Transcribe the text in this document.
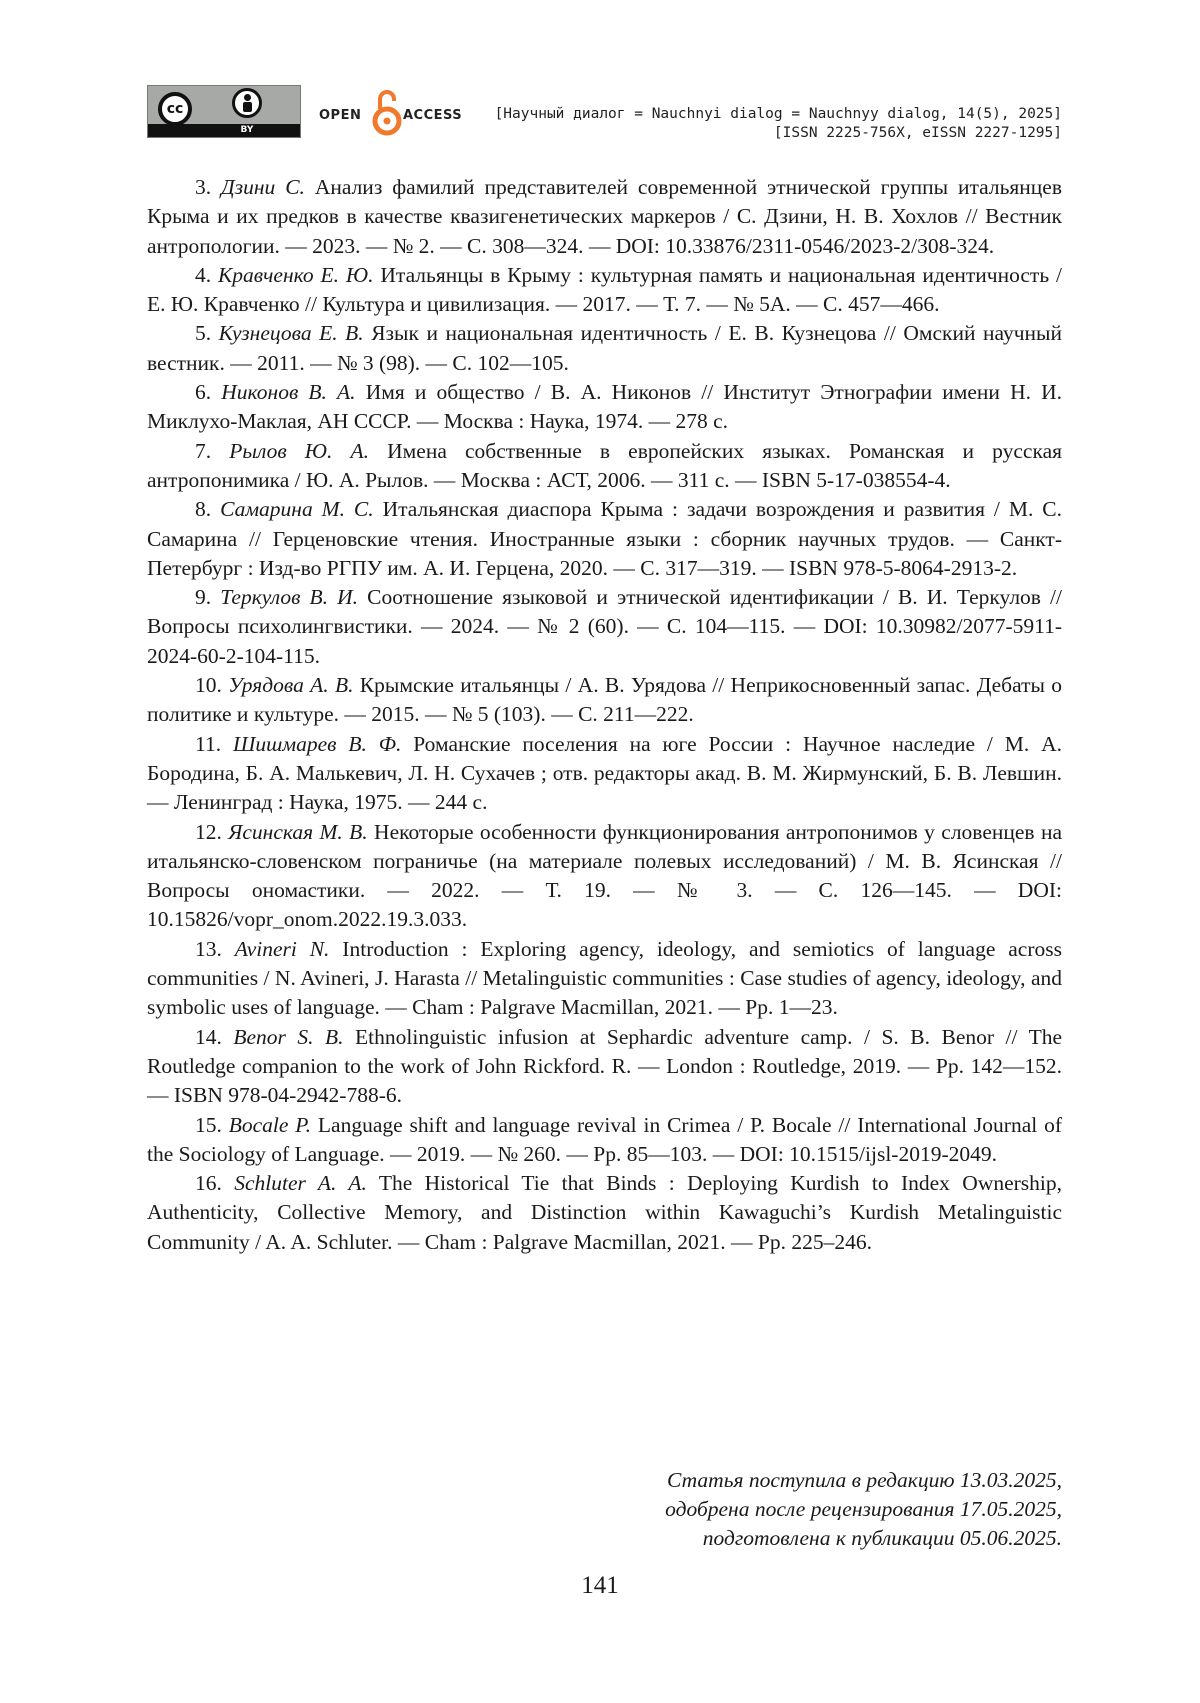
cc
BY
OPEN	ACCESS [Научный диалог = Nauchnyi dialog = Nauchnyy dialog, 14(5), 2025]
[ISSN 2225-756X, eISSN 2227-1295]

3. Дзини С. Анализ фамилий представителей современной этнической группы итальянцев Крыма и их предков в качестве квазигенетических маркеров / С. Дзини, Н. В. Хохлов // Вестник антропологии. — 2023. — № 2. — С. 308—324. — DOI: 10.33876/2311-0546/2023-2/308-324.

4. Кравченко Е. Ю. Итальянцы в Крыму : культурная память и национальная идентичность / Е. Ю. Кравченко // Культура и цивилизация. — 2017. — Т. 7. — № 5А. — С. 457—466.

5. Кузнецова Е. В. Язык и национальная идентичность / Е. В. Кузнецова // Омский научный вестник. — 2011. — № 3 (98). — С. 102—105.

6. Никонов В. А. Имя и общество / В. А. Никонов // Институт Этнографии имени Н. И. Миклухо-Маклая, АН СССР. — Москва : Наука, 1974. — 278 с.

7. Рылов Ю. А. Имена собственные в европейских языках. Романская и русская антропонимика / Ю. А. Рылов. — Москва : АСТ, 2006. — 311 с. — ISBN 5-17-038554-4.

8. Самарина М. С. Итальянская диаспора Крыма : задачи возрождения и развития / М. С. Самарина // Герценовские чтения. Иностранные языки : сборник научных трудов. — Санкт-Петербург : Изд-во РГПУ им. А. И. Герцена, 2020. — С. 317—319. — ISBN 978-5-8064-2913-2.

9. Теркулов В. И. Соотношение языковой и этнической идентификации / В. И. Теркулов // Вопросы психолингвистики. — 2024. — № 2 (60). — С. 104—115. — DOI: 10.30982/2077-5911-2024-60-2-104-115.

10. Урядова А. В. Крымские итальянцы / А. В. Урядова // Неприкосновенный запас. Дебаты о политике и культуре. — 2015. — № 5 (103). — С. 211—222.

11. Шишмарев В. Ф. Романские поселения на юге России : Научное наследие / М. А. Бородина, Б. А. Малькевич, Л. Н. Сухачев ; отв. редакторы акад. В. М. Жирмунский, Б. В. Левшин. — Ленинград : Наука, 1975. — 244 с.

12. Ясинская М. В. Некоторые особенности функционирования антропонимов у словенцев на итальянско-словенском пограничье (на материале полевых исследований) / М. В. Ясинская // Вопросы ономастики. — 2022. — Т. 19. — № 3. — С. 126—145. — DOI: 10.15826/vopr_onom.2022.19.3.033.

13. Avineri N. Introduction : Exploring agency, ideology, and semiotics of language across communities / N. Avineri, J. Harasta // Metalinguistic communities : Case studies of agency, ideology, and symbolic uses of language. — Cham : Palgrave Macmillan, 2021. — Pp. 1—23.

14. Benor S. B. Ethnolinguistic infusion at Sephardic adventure camp. / S. B. Benor // The Routledge companion to the work of John Rickford. R. — London : Routledge, 2019. — Pp. 142—152. — ISBN 978-04-2942-788-6.

15. Bocale P. Language shift and language revival in Crimea / P. Bocale // International Journal of the Sociology of Language. — 2019. — № 260. — Pp. 85—103. — DOI: 10.1515/ijsl-2019-2049.

16. Schluter A. A. The Historical Tie that Binds : Deploying Kurdish to Index Ownership, Authenticity, Collective Memory, and Distinction within Kawaguchi’s Kurdish Metalinguistic Community / A. A. Schluter. — Cham : Palgrave Macmillan, 2021. — Pp. 225–246.

Статья поступила в редакцию 13.03.2025,
одобрена после рецензирования 17.05.2025,
подготовлена к публикации 05.06.2025.
141
